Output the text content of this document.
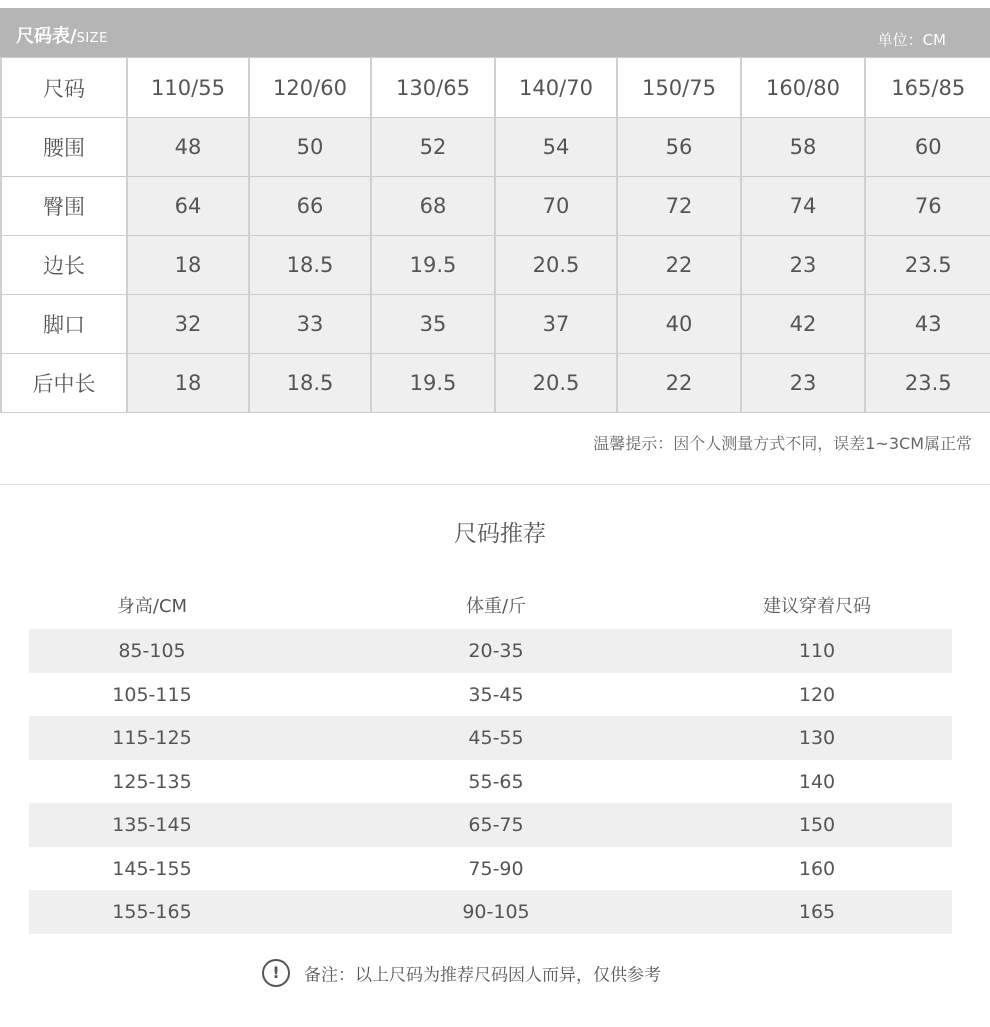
尺码表/SIZE	单位：CM
尺码	110/55	120/60	130/65	140/70	150/75	160/80	165/85
腰围	48	50	52	54	56	58	60
臀围	64	66	68	70	72	74	76
边长	18	18.5	19.5	20.5	22	23	23.5
脚口	32	33	35	37	40	42	43
后中长	18	18.5	19.5	20.5	22	23	23.5
温馨提示：因个人测量方式不同，误差1~3CM属正常
尺码推荐
身高/CM	体重/斤	建议穿着尺码
85-105	20-35	110
105-115	35-45	120
115-125	45-55	130
125-135	55-65	140
135-145	65-75	150
145-155	75-90	160
155-165	90-105	165
! 备注：以上尺码为推荐尺码因人而异，仅供参考
